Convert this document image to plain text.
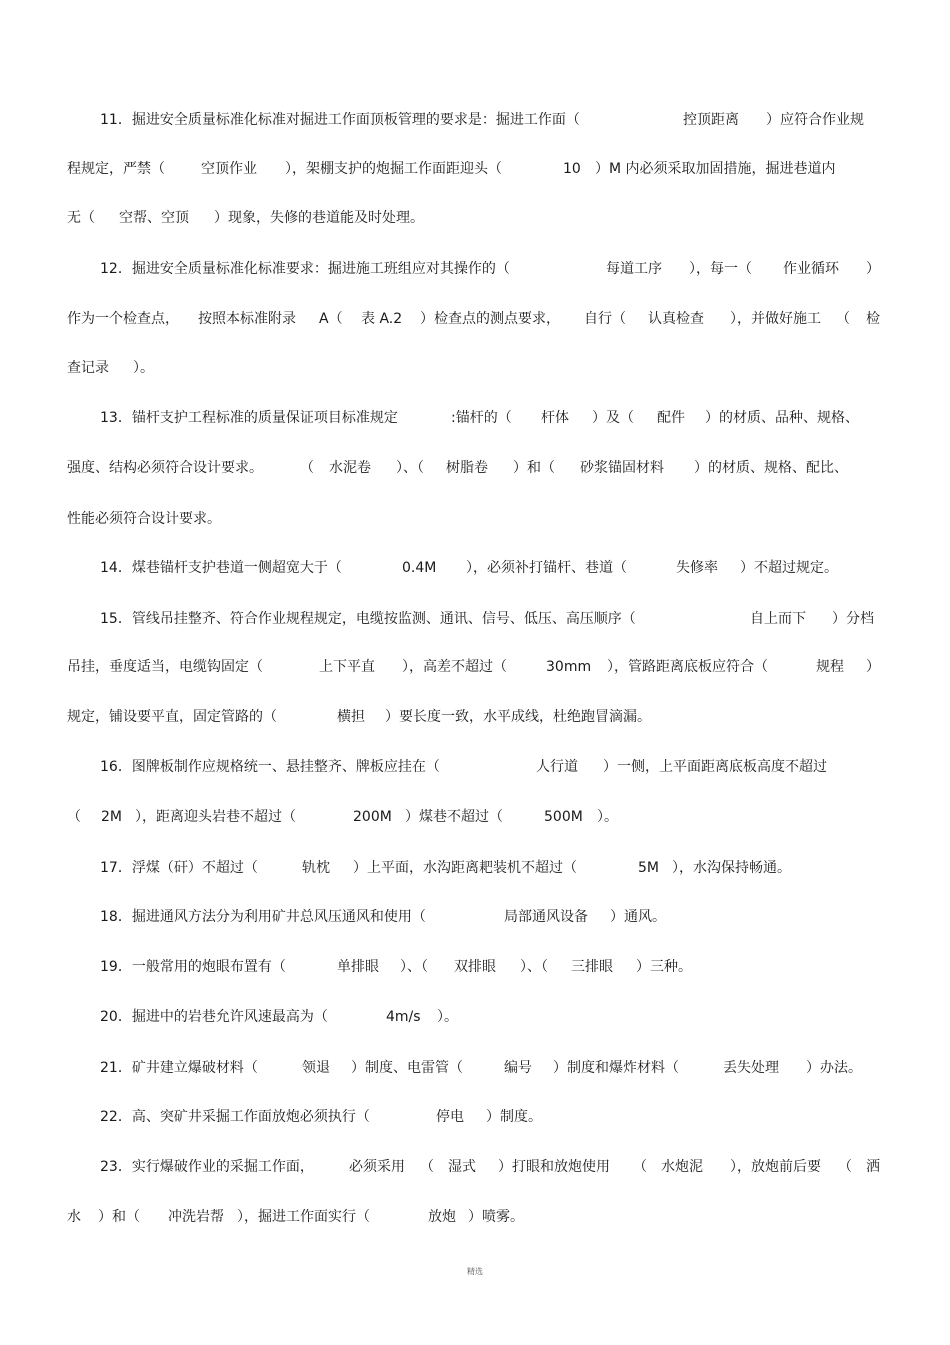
11．掘进安全质量标准化标准对掘进工作面顶板管理的要求是：掘进工作面（	控顶距离 ）应符合作业规
程规定，严禁（	空顶作业 ），架棚支护的炮掘工作面距迎头（	10 ）M 内必须采取加固措施，掘进巷道内
无（ 空帮、空顶 ）现象，失修的巷道能及时处理。
12．掘进安全质量标准化标准要求：掘进施工班组应对其操作的（	每道工序 ），每一（ 作业循环 ）
作为一个检查点， 按照本标准附录 A（ 表 A.2 ）检查点的测点要求， 自行（ 认真检查 ），并做好施工 （ 检
查记录 ）。
13．锚杆支护工程标准的质量保证项目标准规定	:锚杆的（ 杆体 ）及（ 配件 ）的材质、品种、规格、
强度、结构必须符合设计要求。	（ 水泥卷 ）、（ 树脂卷 ）和（ 砂浆锚固材料 ）的材质、规格、配比、
性能必须符合设计要求。
14．煤巷锚杆支护巷道一侧超宽大于（	0.4M ），必须补打锚杆、巷道（	失修率 ）不超过规定。
15．管线吊挂整齐、符合作业规程规定，电缆按监测、通讯、信号、低压、高压顺序（	自上而下 ）分档
吊挂，垂度适当，电缆钩固定（	上下平直 ），高差不超过（	30mm ），管路距离底板应符合（	规程 ）
规定，铺设要平直，固定管路的（	横担 ）要长度一致，水平成线，杜绝跑冒滴漏。
16．图牌板制作应规格统一、悬挂整齐、牌板应挂在（	人行道 ）一侧，上平面距离底板高度不超过
（ 2M ），距离迎头岩巷不超过（	200M ）煤巷不超过（	500M ）。
17．浮煤（矸）不超过（	轨枕 ）上平面，水沟距离耙装机不超过（	5M ），水沟保持畅通。
18．掘进通风方法分为利用矿井总风压通风和使用（	局部通风设备 ）通风。
19．一般常用的炮眼布置有（	单排眼 ）、（ 双排眼 ）、（ 三排眼 ）三种。
20．掘进中的岩巷允许风速最高为（	4m/s ）。
21．矿井建立爆破材料（	领退 ）制度、电雷管（	编号 ）制度和爆炸材料（	丢失处理 ）办法。
22．高、突矿井采掘工作面放炮必须执行（	停电 ）制度。
23．实行爆破作业的采掘工作面，	必须采用 （ 湿式 ）打眼和放炮使用 （ 水炮泥 ），放炮前后要 （ 洒
水 ）和（ 冲洗岩帮 ），掘进工作面实行（	放炮 ）喷雾。
精选
